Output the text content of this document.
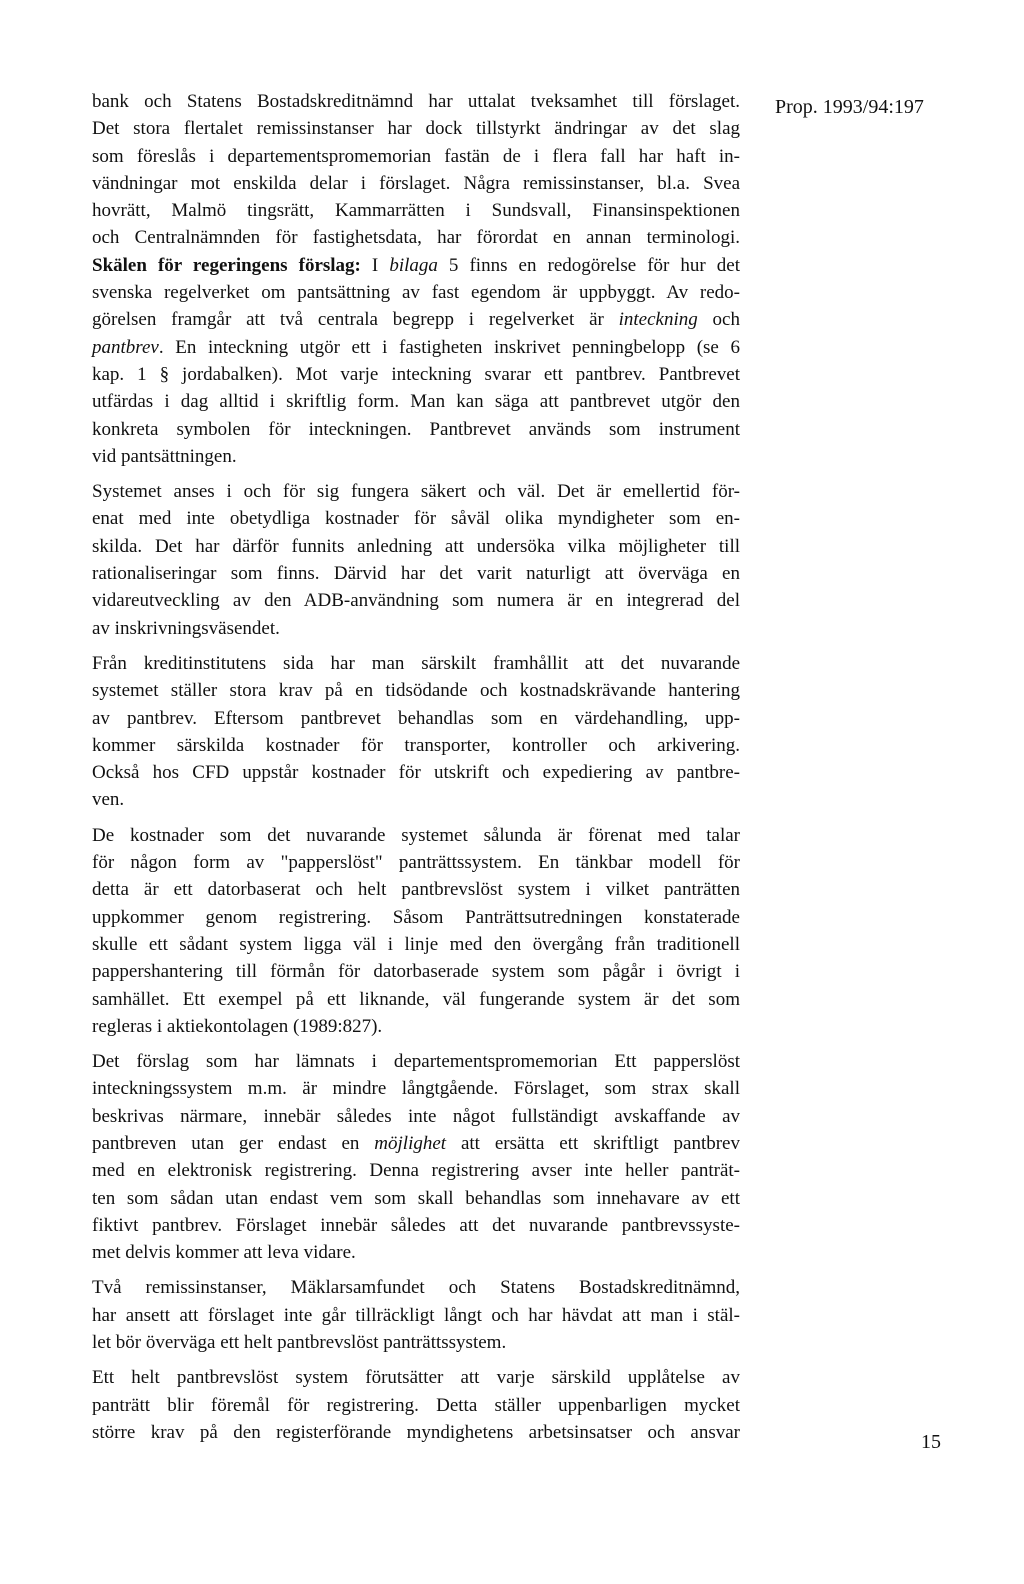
Prop. 1993/94:197
bank och Statens Bostadskreditnämnd har uttalat tveksamhet till förslaget.
Det stora flertalet remissinstanser har dock tillstyrkt ändringar av det slag
som föreslås i departementspromemorian fastän de i flera fall har haft in-
vändningar mot enskilda delar i förslaget. Några remissinstanser, bl.a. Svea
hovrätt, Malmö tingsrätt, Kammarrätten i Sundsvall, Finansinspektionen
och Centralnämnden för fastighetsdata, har förordat en annan terminologi.
Skälen för regeringens förslag: I bilaga 5 finns en redogörelse för hur det
svenska regelverket om pantsättning av fast egendom är uppbyggt. Av redo-
görelsen framgår att två centrala begrepp i regelverket är inteckning och
pantbrev. En inteckning utgör ett i fastigheten inskrivet penningbelopp (se 6
kap. 1 § jordabalken). Mot varje inteckning svarar ett pantbrev. Pantbrevet
utfärdas i dag alltid i skriftlig form. Man kan säga att pantbrevet utgör den
konkreta symbolen för inteckningen. Pantbrevet används som instrument
vid pantsättningen.
Systemet anses i och för sig fungera säkert och väl. Det är emellertid för-
enat med inte obetydliga kostnader för såväl olika myndigheter som en-
skilda. Det har därför funnits anledning att undersöka vilka möjligheter till
rationaliseringar som finns. Därvid har det varit naturligt att överväga en
vidareutveckling av den ADB-användning som numera är en integrerad del
av inskrivningsväsendet.
Från kreditinstitutens sida har man särskilt framhållit att det nuvarande
systemet ställer stora krav på en tidsödande och kostnadskrävande hantering
av pantbrev. Eftersom pantbrevet behandlas som en värdehandling, upp-
kommer särskilda kostnader för transporter, kontroller och arkivering.
Också hos CFD uppstår kostnader för utskrift och expediering av pantbre-
ven.
De kostnader som det nuvarande systemet sålunda är förenat med talar
för någon form av "papperslöst" panträttssystem. En tänkbar modell för
detta är ett datorbaserat och helt pantbrevslöst system i vilket panträtten
uppkommer genom registrering. Såsom Panträttsutredningen konstaterade
skulle ett sådant system ligga väl i linje med den övergång från traditionell
pappershantering till förmån för datorbaserade system som pågår i övrigt i
samhället. Ett exempel på ett liknande, väl fungerande system är det som
regleras i aktiekontolagen (1989:827).
Det förslag som har lämnats i departementspromemorian Ett papperslöst
inteckningssystem m.m. är mindre långtgående. Förslaget, som strax skall
beskrivas närmare, innebär således inte något fullständigt avskaffande av
pantbreven utan ger endast en möjlighet att ersätta ett skriftligt pantbrev
med en elektronisk registrering. Denna registrering avser inte heller panträt-
ten som sådan utan endast vem som skall behandlas som innehavare av ett
fiktivt pantbrev. Förslaget innebär således att det nuvarande pantbrevssyste-
met delvis kommer att leva vidare.
Två remissinstanser, Mäklarsamfundet och Statens Bostadskreditnämnd,
har ansett att förslaget inte går tillräckligt långt och har hävdat att man i stäl-
let bör överväga ett helt pantbrevslöst panträttssystem.
Ett helt pantbrevslöst system förutsätter att varje särskild upplåtelse av
panträtt blir föremål för registrering. Detta ställer uppenbarligen mycket
större krav på den registerförande myndighetens arbetsinsatser och ansvar	15
